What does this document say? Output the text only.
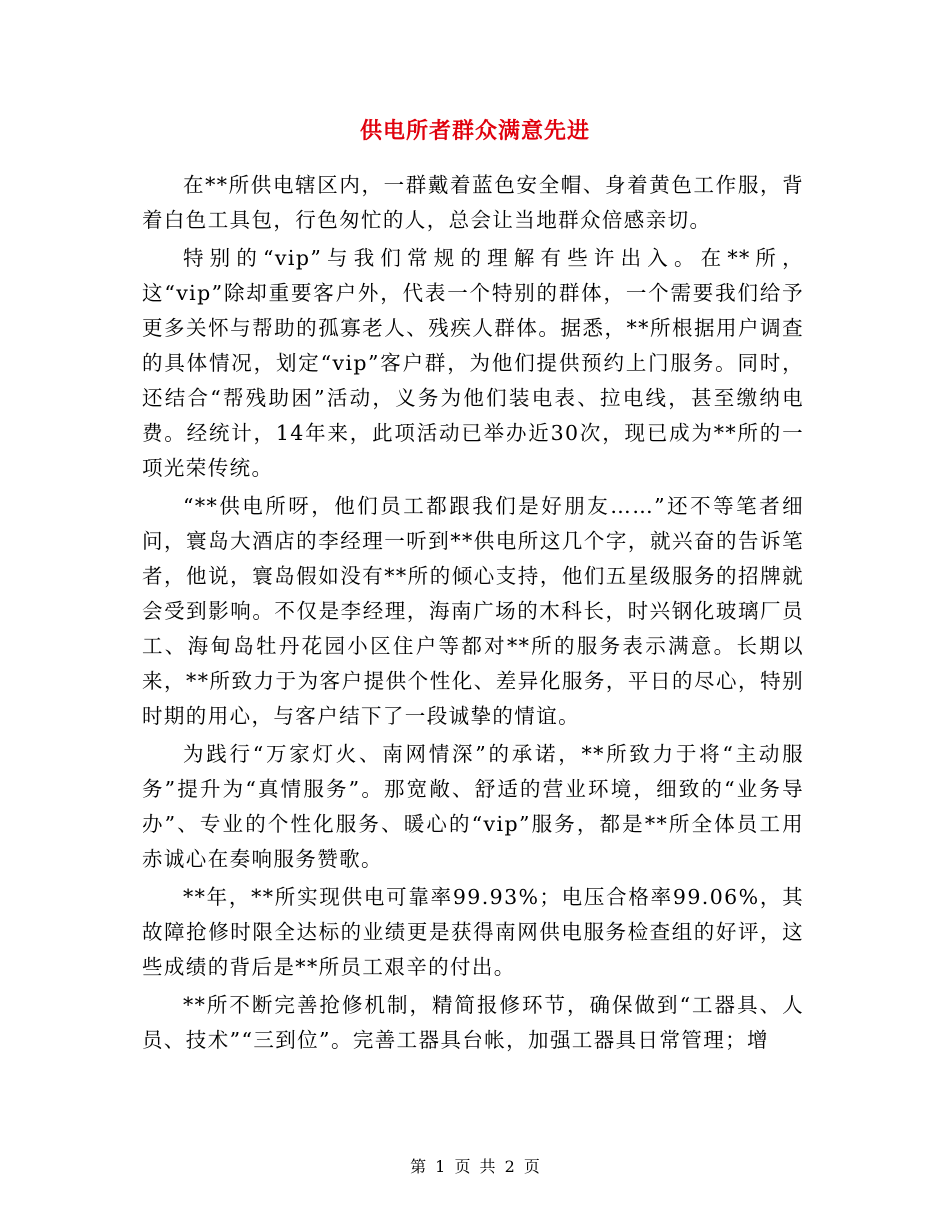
供电所者群众满意先进

在**所供电辖区内，一群戴着蓝色安全帽、身着黄色工作服，背着白色工具包，行色匆忙的人，总会让当地群众倍感亲切。

特别的“vip”与我们常规的理解有些许出入。在**所，这“vip”除却重要客户外，代表一个特别的群体，一个需要我们给予更多关怀与帮助的孤寡老人、残疾人群体。据悉，**所根据用户调查的具体情况，划定“vip”客户群，为他们提供预约上门服务。同时，还结合“帮残助困”活动，义务为他们装电表、拉电线，甚至缴纳电费。经统计，14年来，此项活动已举办近30次，现已成为**所的一项光荣传统。

“**供电所呀，他们员工都跟我们是好朋友……”还不等笔者细问，寰岛大酒店的李经理一听到**供电所这几个字，就兴奋的告诉笔者，他说，寰岛假如没有**所的倾心支持，他们五星级服务的招牌就会受到影响。不仅是李经理，海南广场的木科长，时兴钢化玻璃厂员工、海甸岛牡丹花园小区住户等都对**所的服务表示满意。长期以来，**所致力于为客户提供个性化、差异化服务，平日的尽心，特别时期的用心，与客户结下了一段诚挚的情谊。

为践行“万家灯火、南网情深”的承诺，**所致力于将“主动服务”提升为“真情服务”。那宽敞、舒适的营业环境，细致的“业务导办”、专业的个性化服务、暖心的“vip”服务，都是**所全体员工用赤诚心在奏响服务赞歌。

**年，**所实现供电可靠率99.93%；电压合格率99.06%，其故障抢修时限全达标的业绩更是获得南网供电服务检查组的好评，这些成绩的背后是**所员工艰辛的付出。

**所不断完善抢修机制，精简报修环节，确保做到“工器具、人员、技术”“三到位”。完善工器具台帐，加强工器具日常管理；增

第 1 页 共 2 页
